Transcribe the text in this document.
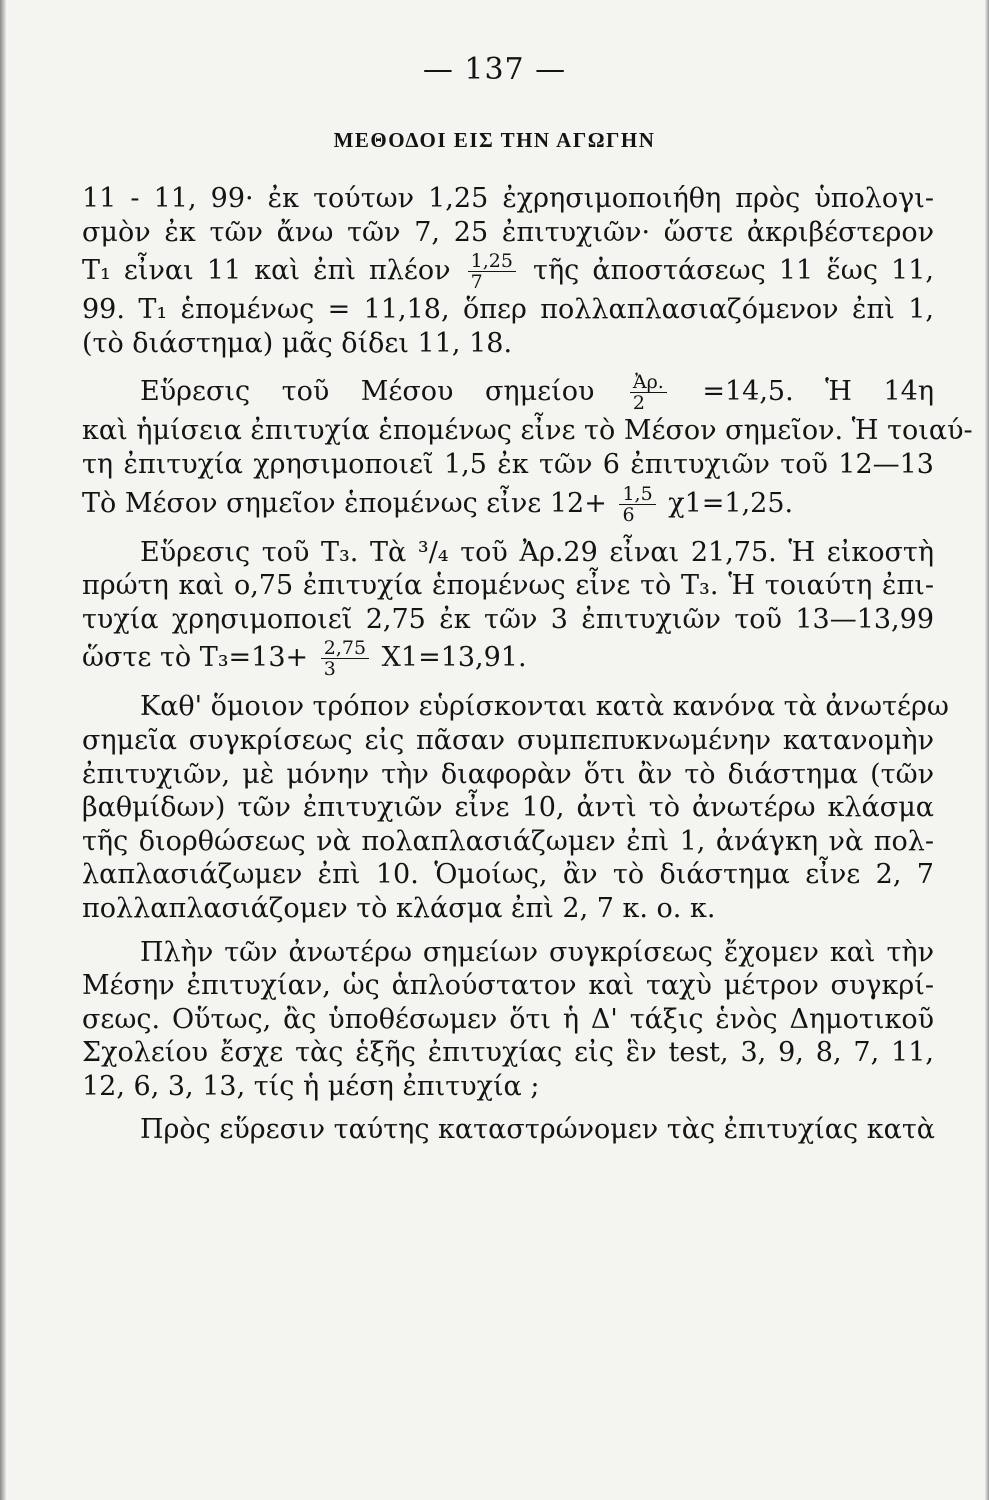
— 137 —
ΜΕΘΟΔΟΙ ΕΙΣ ΤΗΝ ΑΓΩΓΗΝ
11 - 11, 99· ἐκ τούτων 1,25 ἐχρησιμοποιήθη πρὸς ὑπολογι-
σμὸν ἐκ τῶν ἄνω τῶν 7, 25 ἐπιτυχιῶν· ὥστε ἀκριβέστερον
T₁ εἶναι 11 καὶ ἐπὶ πλέον $\frac{1,25}{7}$ τῆς ἀποστάσεως 11 ἕως 11,
99. T₁ ἑπομένως = 11,18, ὅπερ πολλαπλασιαζόμενον ἐπὶ 1,
(τὸ διάστημα) μᾶς δίδει 11, 18.
Εὕρεσις τοῦ Μέσου σημείου $\frac{\text{Ἀρ.}}{2} =14,5$. Ἡ 14η
καὶ ἡμίσεια ἐπιτυχία ἑπομένως εἶνε τὸ Μέσον σημεῖον. Ἡ τοιαύ-
τη ἐπιτυχία χρησιμοποιεῖ 1,5 ἐκ τῶν 6 ἐπιτυχιῶν τοῦ 12—13
Τὸ Μέσον σημεῖον ἑπομένως εἶνε $12+ \frac{1,5}{6} \chi 1=1,25$.
Εὕρεσις τοῦ T₃. Τὰ ³/₄ τοῦ Ἀρ.29 εἶναι 21,75. Ἡ εἰκοστὴ
πρώτη καὶ ο,75 ἐπιτυχία ἑπομένως εἶνε τὸ T₃. Ἡ τοιαύτη ἐπι-
τυχία χρησιμοποιεῖ 2,75 ἐκ τῶν 3 ἐπιτυχιῶν τοῦ 13—13,99
ὥστε τὸ $T_3=13+ \frac{2,75}{3} X1=13,91$.
Καθ' ὅμοιον τρόπον εὑρίσκονται κατὰ κανόνα τὰ ἀνωτέρω
σημεῖα συγκρίσεως εἰς πᾶσαν συμπεπυκνωμένην κατανομὴν
ἐπιτυχιῶν, μὲ μόνην τὴν διαφορὰν ὅτι ἂν τὸ διάστημα (τῶν
βαθμίδων) τῶν ἐπιτυχιῶν εἶνε 10, ἀντὶ τὸ ἀνωτέρω κλάσμα
τῆς διορθώσεως νὰ πολαπλασιάζωμεν ἐπὶ 1, ἀνάγκη νὰ πολ-
λαπλασιάζωμεν ἐπὶ 10. Ὁμοίως, ἂν τὸ διάστημα εἶνε 2, 7
πολλαπλασιάζομεν τὸ κλάσμα ἐπὶ 2, 7 κ. ο. κ.
Πλὴν τῶν ἀνωτέρω σημείων συγκρίσεως ἔχομεν καὶ τὴν
Μέσην ἐπιτυχίαν, ὡς ἁπλούστατον καὶ ταχὺ μέτρον συγκρί-
σεως. Οὕτως, ἂς ὑποθέσωμεν ὅτι ἡ Δ' τάξις ἑνὸς Δημοτικοῦ
Σχολείου ἔσχε τὰς ἑξῆς ἐπιτυχίας εἰς ἓν test, 3, 9, 8, 7, 11,
12, 6, 3, 13, τίς ἡ μέση ἐπιτυχία ;
Πρὸς εὕρεσιν ταύτης καταστρώνομεν τὰς ἐπιτυχίας κατὰ
